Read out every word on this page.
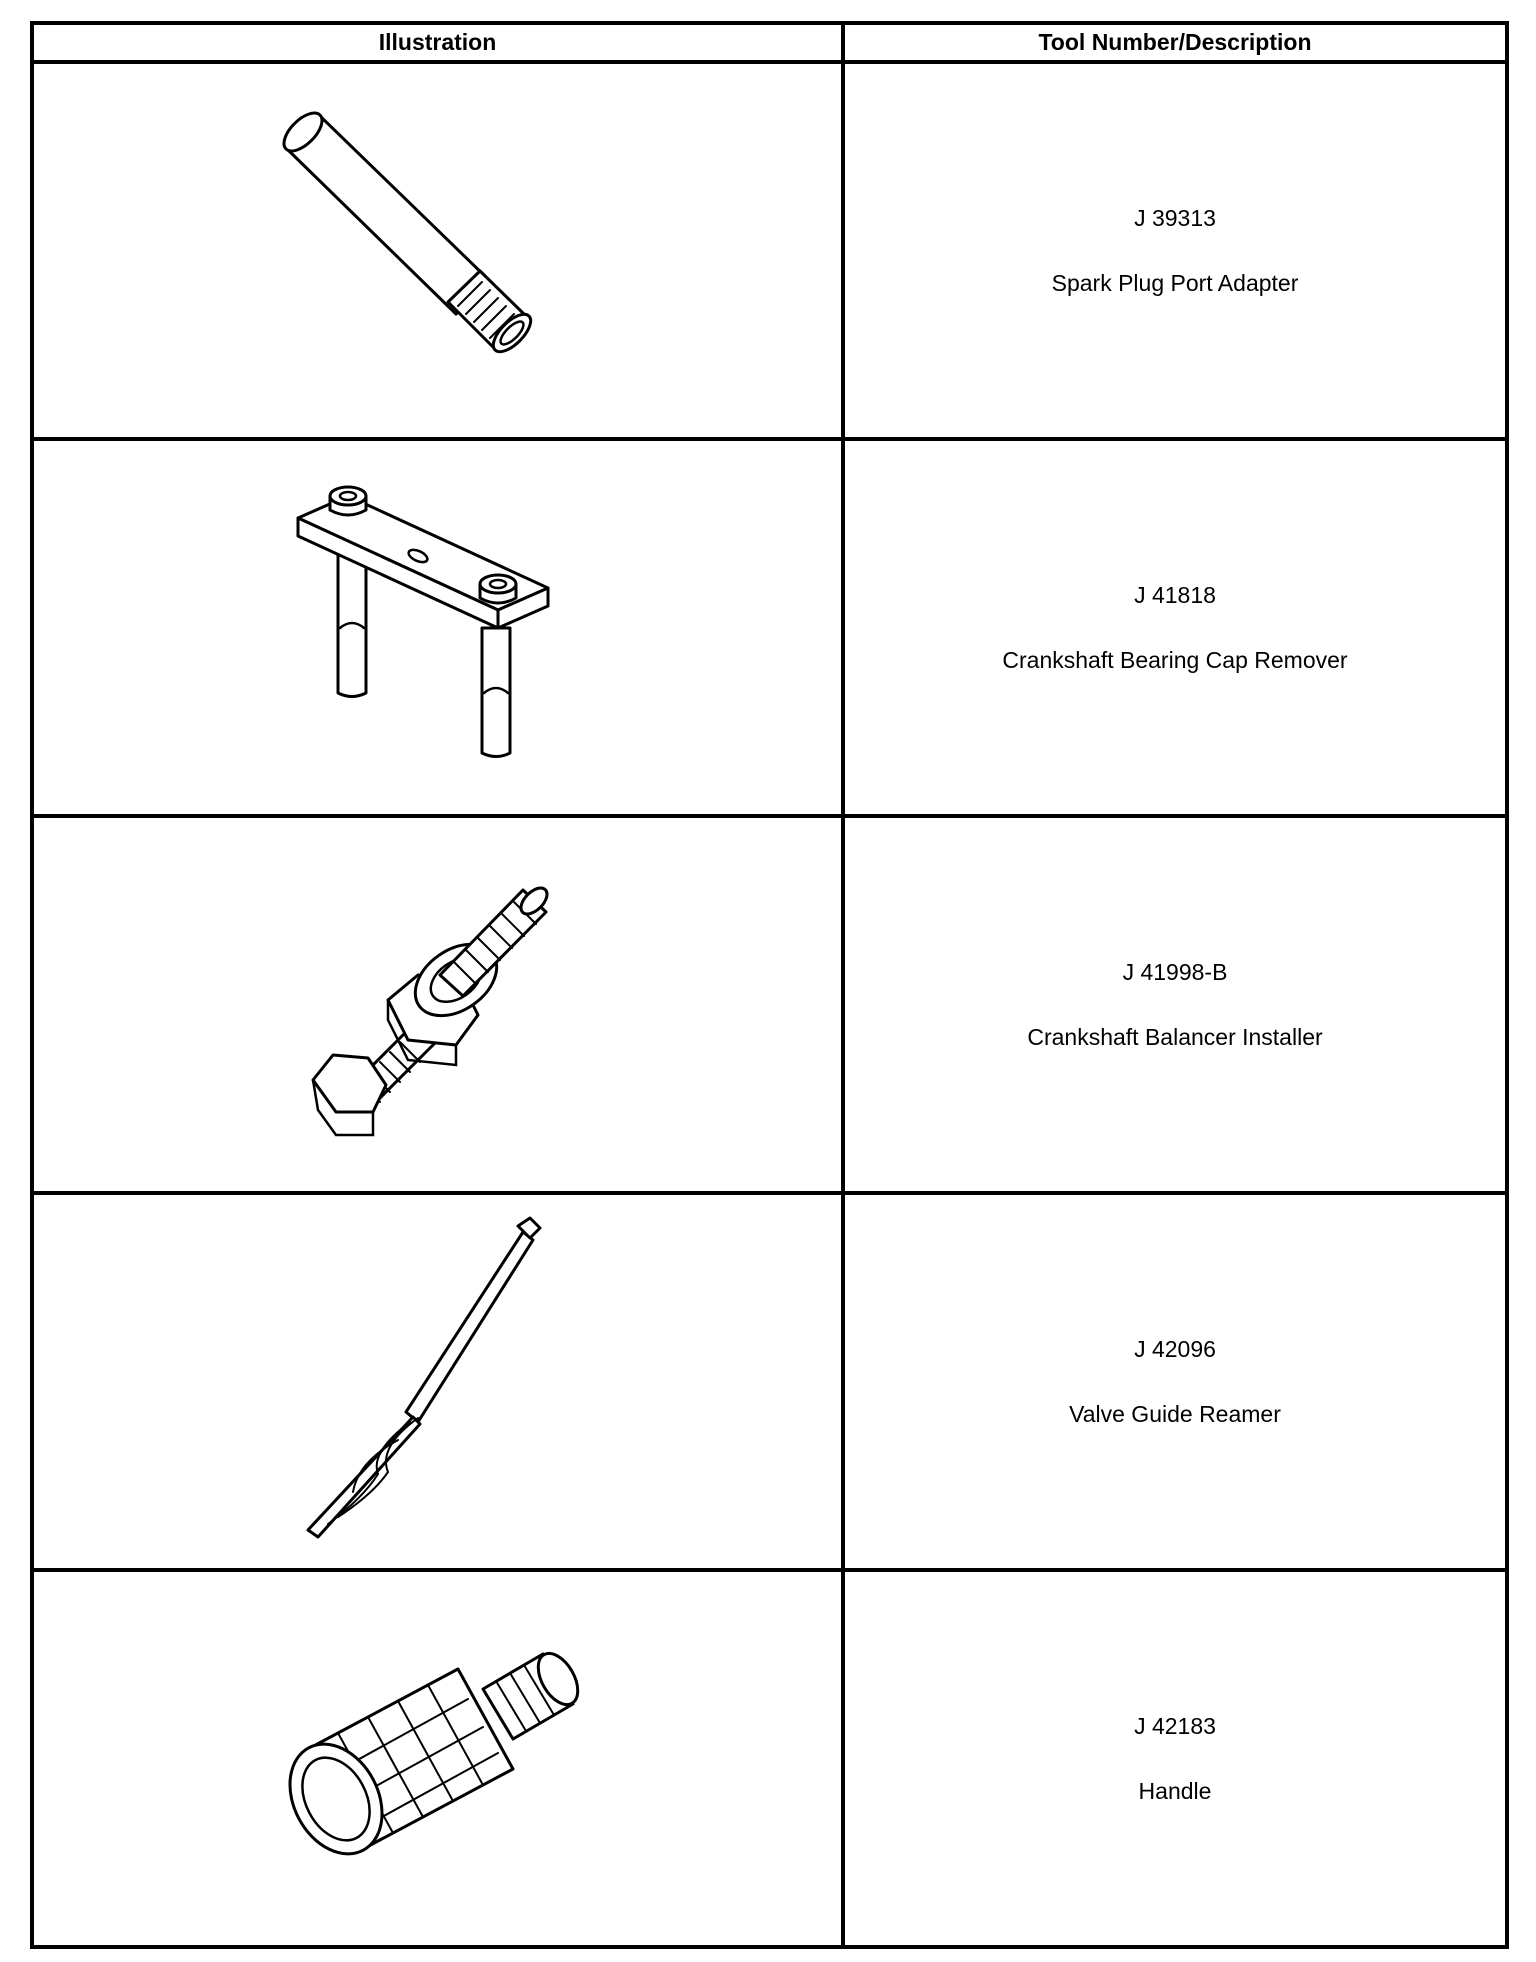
Illustration	Tool Number/Description

J 39313
Spark Plug Port Adapter

J 41818
Crankshaft Bearing Cap Remover

J 41998-B
Crankshaft Balancer Installer

J 42096
Valve Guide Reamer

J 42183
Handle
